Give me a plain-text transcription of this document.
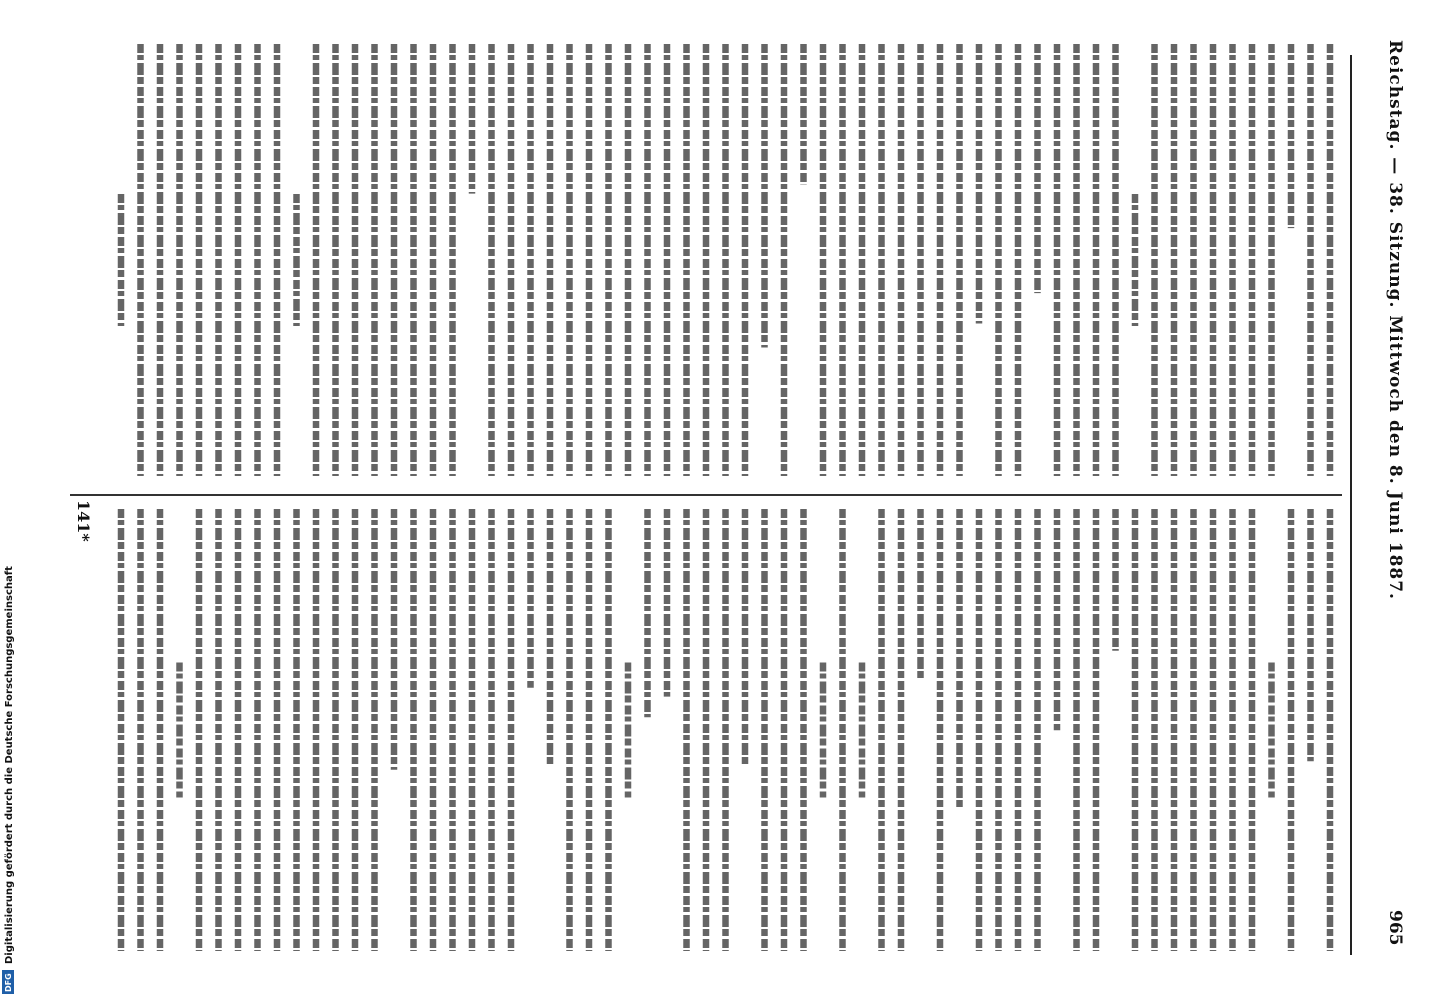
Digitalisierung gefördert durch die Deutsche Forschungsgemeinschaft
DFG
Reichstag. — 38. Sitzung. Mittwoch den 8. Juni 1887.
965
141*
